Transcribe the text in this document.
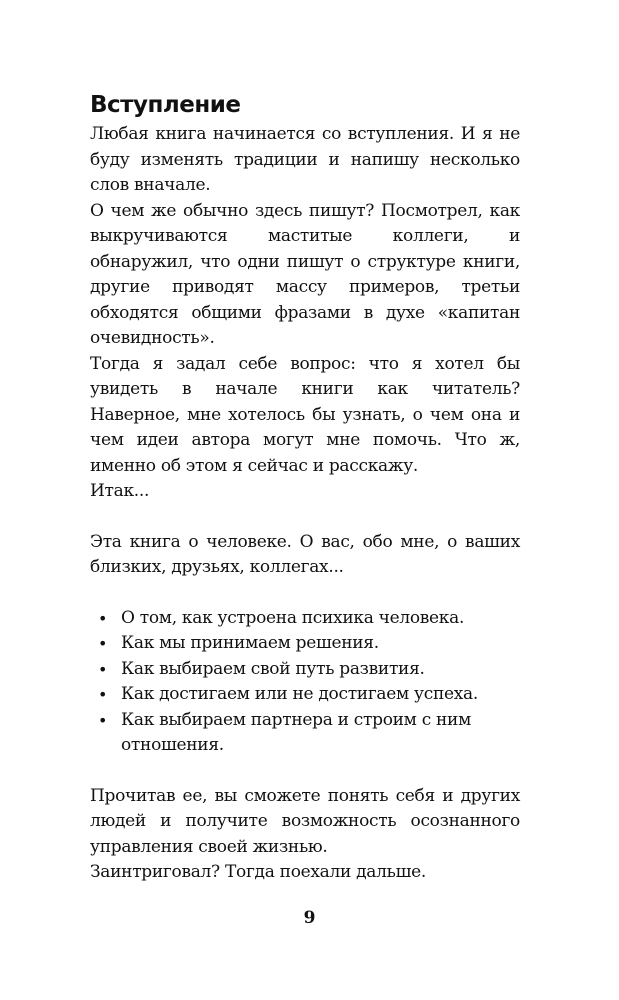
Вступление

Любая книга начинается со вступления. И я не буду изменять традиции и напишу несколько слов вначале.

О чем же обычно здесь пишут? Посмотрел, как выкручиваются маститые коллеги, и обнаружил, что одни пишут о структуре книги, другие приводят массу примеров, третьи обходятся общими фразами в духе «капитан очевидность».

Тогда я задал себе вопрос: что я хотел бы увидеть в начале книги как читатель? Наверное, мне хотелось бы узнать, о чем она и чем идеи автора могут мне помочь. Что ж, именно об этом я сейчас и расскажу.

Итак...

Эта книга о человеке. О вас, обо мне, о ваших близких, друзьях, коллегах...

• О том, как устроена психика человека.
• Как мы принимаем решения.
• Как выбираем свой путь развития.
• Как достигаем или не достигаем успеха.
• Как выбираем партнера и строим с ним отношения.

Прочитав ее, вы сможете понять себя и других людей и получите возможность осознанного управления своей жизнью.

Заинтриговал? Тогда поехали дальше.

9
